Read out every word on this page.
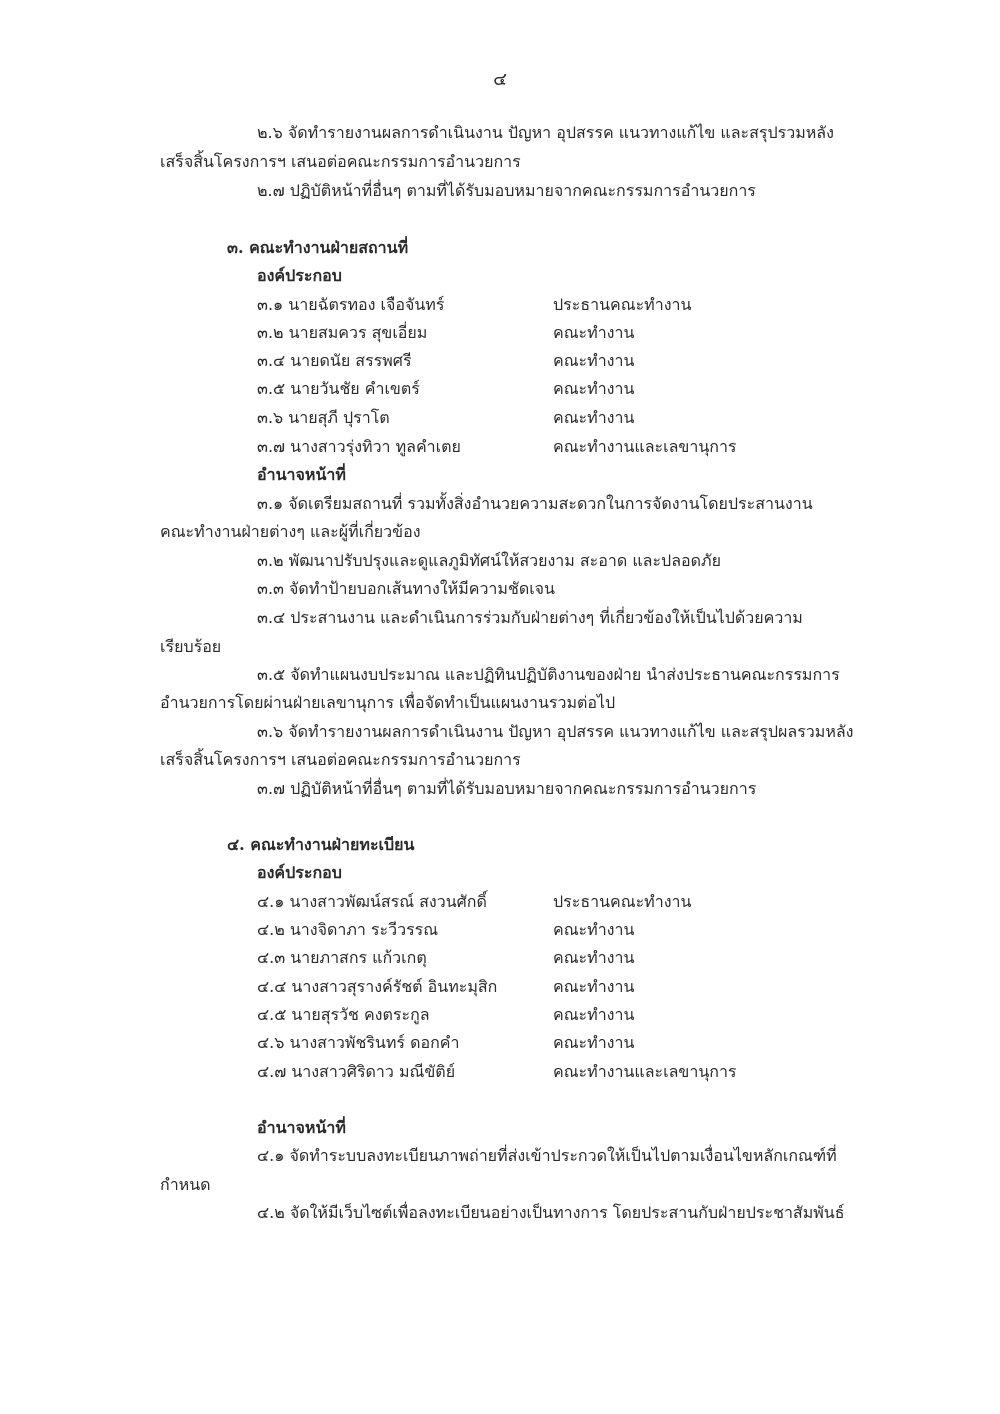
๔
๒.๖ จัดทำรายงานผลการดำเนินงาน ปัญหา อุปสรรค แนวทางแก้ไข และสรุปรวมหลัง
เสร็จสิ้นโครงการฯ เสนอต่อคณะกรรมการอำนวยการ
๒.๗ ปฏิบัติหน้าที่อื่นๆ ตามที่ได้รับมอบหมายจากคณะกรรมการอำนวยการ
๓. คณะทำงานฝ่ายสถานที่
องค์ประกอบ
๓.๑ นายฉัตรทอง เจือจันทร์	ประธานคณะทำงาน
๓.๒ นายสมควร สุขเอี่ยม	คณะทำงาน
๓.๔ นายดนัย สรรพศรี	คณะทำงาน
๓.๕ นายวันชัย คำเขตร์	คณะทำงาน
๓.๖ นายสุภี ปุราโต	คณะทำงาน
๓.๗ นางสาวรุ่งทิวา ทูลคำเตย	คณะทำงานและเลขานุการ
อำนาจหน้าที่
๓.๑ จัดเตรียมสถานที่ รวมทั้งสิ่งอำนวยความสะดวกในการจัดงานโดยประสานงาน
คณะทำงานฝ่ายต่างๆ และผู้ที่เกี่ยวข้อง
๓.๒ พัฒนาปรับปรุงและดูแลภูมิทัศน์ให้สวยงาม สะอาด และปลอดภัย
๓.๓ จัดทำป้ายบอกเส้นทางให้มีความชัดเจน
๓.๔ ประสานงาน และดำเนินการร่วมกับฝ่ายต่างๆ ที่เกี่ยวข้องให้เป็นไปด้วยความ
เรียบร้อย
๓.๕ จัดทำแผนงบประมาณ และปฏิทินปฏิบัติงานของฝ่าย นำส่งประธานคณะกรรมการ
อำนวยการโดยผ่านฝ่ายเลขานุการ เพื่อจัดทำเป็นแผนงานรวมต่อไป
๓.๖ จัดทำรายงานผลการดำเนินงาน ปัญหา อุปสรรค แนวทางแก้ไข และสรุปผลรวมหลัง
เสร็จสิ้นโครงการฯ เสนอต่อคณะกรรมการอำนวยการ
๓.๗ ปฏิบัติหน้าที่อื่นๆ ตามที่ได้รับมอบหมายจากคณะกรรมการอำนวยการ
๔. คณะทำงานฝ่ายทะเบียน
องค์ประกอบ
๔.๑ นางสาวพัฒน์สรณ์ สงวนศักดิ์	ประธานคณะทำงาน
๔.๒ นางจิดาภา ระวีวรรณ	คณะทำงาน
๔.๓ นายภาสกร แก้วเกตุ	คณะทำงาน
๔.๔ นางสาวสุรางค์รัชต์ อินทะมุสิก	คณะทำงาน
๔.๕ นายสุรวัช คงตระกูล	คณะทำงาน
๔.๖ นางสาวพัชรินทร์ ดอกคำ	คณะทำงาน
๔.๗ นางสาวศิริดาว มณีขัติย์	คณะทำงานและเลขานุการ
อำนาจหน้าที่
๔.๑ จัดทำระบบลงทะเบียนภาพถ่ายที่ส่งเข้าประกวดให้เป็นไปตามเงื่อนไขหลักเกณฑ์ที่
กำหนด
๔.๒ จัดให้มีเว็บไซต์เพื่อลงทะเบียนอย่างเป็นทางการ โดยประสานกับฝ่ายประชาสัมพันธ์
